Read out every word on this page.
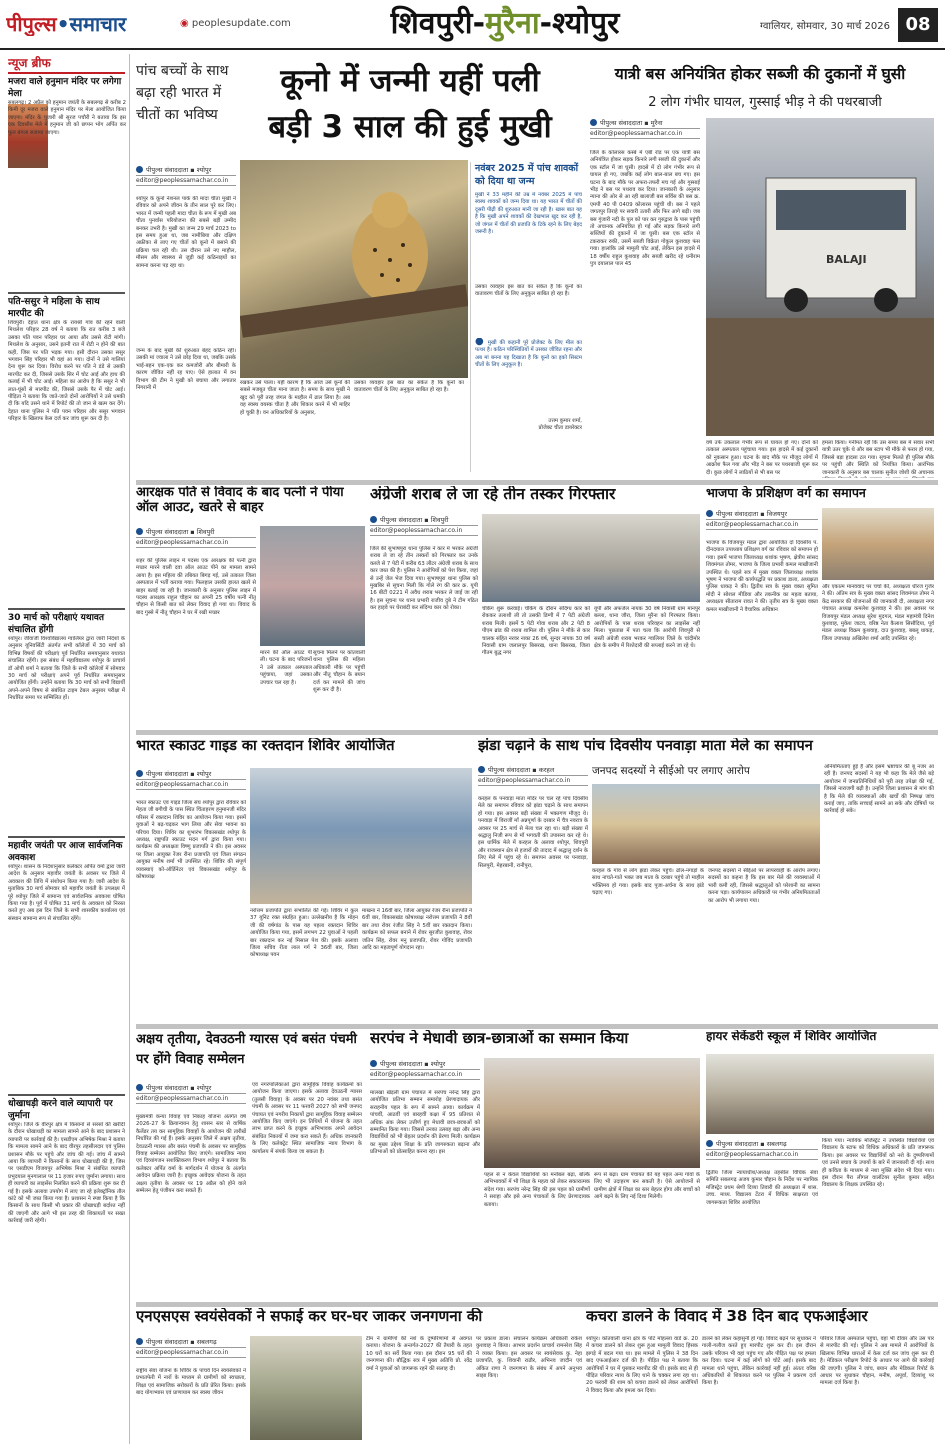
पीपुल्स•समाचार	◉ peoplesupdate.com	शिवपुरी-मुरैना-श्योपुर	ग्वालियर, सोमवार, 30 मार्च 2026 08
न्यूज ब्रीफ
मजरा वाले हनुमान मंदिर पर लगेगा मेला
सबलगढ़। 2 अप्रैल को हनुमान जयंती के सबलगढ़ से करीब 2 किमी दूर मजरा वाले हनुमान मंदिर पर मेला आयोजित किया जाएगा। मंदिर के पुजारी श्री सूरज पचौरी ने बताया कि इस एक दिवसीय मेले में हनुमान जी को छप्पन भोग अर्पित कर फूल बंगला सजाया जाएगा।
पति-ससुर ने महिला के साथ मारपीट की
शिवपुरी। देहात थाना क्षेत्र के रायश्री गांव की रहने वाली मिथलेश परिहार 28 वर्ष ने बताया कि रात करीब 3 बजे उसका पति पवन परिहार घर आया और उससे रोटी मांगी। मिथलेश के अनुसार, उसने इतनी रात में रोटी न होने की बात कही, जिस पर पति भड़क गया। इसी दौरान उसका ससुर भगवान सिंह परिहार भी वहां आ गया। दोनों ने उसे गालियां देना शुरू कर दिया। विरोध करने पर पति ने डंडे से उसकी मारपीट कर दी, जिससे उसके सिर में चोट आई और हाथ की कलाई में भी चोट आई। महिला का आरोप है कि ससुर ने भी लात-घूंसों से मारपीट की, जिससे उसके पैर में चोट आई। पीड़िता ने बताया कि जाते-जाते दोनों आरोपियों ने उसे धमकी दी कि यदि उसने थाने में रिपोर्ट की तो जान से खत्म कर देंगे। देहात थाना पुलिस ने पति पवन परिहार और ससुर भगवान परिहार के खिलाफ केस दर्ज कर जांच शुरू कर दी है।
30 मार्च को परीक्षाएं यथावत संचालित होंगी
श्योपुर। जीवाजी विश्वविद्यालय ग्वालियर द्वारा जारी निर्देशों के अनुसार यूनिवर्सिटी अंतर्गत सभी कॉलेजों में 30 मार्च को विभिन्न विषयों की परीक्षाएं पूर्व निर्धारित समयानुसार यथावत संचालित रहेंगी। इस संबंध में महाविद्यालय श्योपुर के प्राचार्य डॉ ओपी शर्मा ने बताया कि जिले के सभी कॉलेजों में सोमवार 30 मार्च को परीक्षाएं अपने पूर्व निर्धारित समयानुसार आयोजित होंगी। उन्होंने बताया कि 30 मार्च को सभी विद्यार्थी अपने-अपने विषय से संबंधित टाइम टेबल अनुसार परीक्षा में निर्धारित समय पर सम्मिलित हों।
महावीर जयंती पर आज सार्वजनिक अवकाश
श्योपुर। शासन के निर्देशानुसार कलेक्टर अर्पित वर्मा द्वारा जारी आदेश के अनुसार महावीर जयंती के अवसर पर जिले में अवकाश की तिथि में संशोधन किया गया है। जारी आदेश के मुताबिक 30 मार्च सोमवार को महावीर जयंती के उपलक्ष्य में पूरे श्योपुर जिले में सामान्य एवं सार्वजनिक अवकाश घोषित किया गया है। पूर्व में घोषित 31 मार्च के अवकाश को निरस्त करते हुए अब इस दिन जिले के सभी शासकीय कार्यालय एवं संस्थान सामान्य रूप से संचालित रहेंगे।
धोखाधड़ी करने वाले व्यापारी पर जुर्माना
श्योपुर। जिले के वीरपुर क्षेत्र में किसानों से सरसों की खरीदी के दौरान धोखाधड़ी का मामला सामने आने के बाद प्रशासन ने व्यापारी पर कार्रवाई की है। एसडीएम अभिषेक मिश्रा ने बताया कि मामला सामने आने के बाद वीरपुर तहसीलदार एवं पुलिस प्रशासन मौके पर पहुंचे और जांच की गई। जांच में सामने आया कि व्यापारी ने किसानों के साथ धोखाधड़ी की है, जिस पर एसडीएम विजयपुर अभिषेक मिश्रा ने संबंधित व्यापारी प्रभुदयाल मुनगालाल पर 11 हजार रुपए जुर्माना लगाया। साथ ही व्यापारी का लाइसेंस निलंबित करने की प्रक्रिया शुरू कर दी गई है। इसके अलावा उपयोग में लाए जा रहे इलेक्ट्रॉनिक तौल कांटे को भी जब्त किया गया है। प्रशासन ने स्पष्ट किया है कि किसानों के साथ किसी भी प्रकार की धोखाधड़ी बर्दाश्त नहीं की जाएगी और आगे भी इस तरह की शिकायतों पर सख्त कार्रवाई जारी रहेगी।
पांच बच्चों के साथ बढ़ा रही भारत में चीतों का भविष्य
कूनो में जन्मी यहीं पली
बड़ी 3 साल की हुई मुखी
पीपुल्स संवाददाता ▪ श्योपुर
editor@peoplessamachar.co.in
श्योपुर के कूनो नेशनल पार्क की मादा चीता मुखी ने रविवार को अपने जीवन के तीन साल पूरे कर लिए। भारत में जन्मी पहली मादा चीता के रूप में मुखी अब चीता पुनर्वास परियोजना की सबसे बड़ी उम्मीद बनकर उभरी है। मुखी का जन्म 29 मार्च 2023 to इस समय हुआ था, जब नामीबिया और दक्षिण अफ्रीका से लाए गए चीतों को कूनो में बसाने की प्रक्रिया चल रही थी। उस दौरान उसे नए माहौल, मौसम और स्वास्थ्य से जुड़ी कई कठिनाइयों का सामना करना पड़ रहा था।
जन्म के बाद मुखी की शुरुआत बेहद कठिन रही। उसकी मां ज्वाला ने उसे छोड़ दिया था, जबकि उसके भाई-बहन एक-एक कर कमजोरी और बीमारी के कारण जीवित नहीं रह पाए। ऐसे हालात में वन विभाग की टीम ने मुखी को बचाया और लगातार निगरानी में
रखकर उसे पाला। यही कारण है कि आज उसे कूनो की सबसे मजबूत चीता माना जाता है। समय के साथ मुखी ने खुद को पूरी तरह जंगल के माहौल में ढाल लिया है। अब वह स्वस्थ वयस्क चीता है और शिकार करने में भी माहिर हो चुकी है। वन अधिकारियों के अनुसार,
उसका व्यवहार इस बात का संकेत है कि कूनो का वातावरण चीतों के लिए अनुकूल साबित हो रहा है।
नवंबर 2025 में पांच शावकों को दिया था जन्म
मुखी ने 33 महीने की उम्र में नवंबर 2025 में पांच स्वस्थ शावकों को जन्म दिया था। यह भारत में चीतों की दूसरी पीढ़ी की शुरुआत मानी जा रही है। खास बात यह है कि मुखी अपने शावकों की देखभाल खुद कर रही है, जो जंगल में चीतों की प्रजाति के टिके रहने के लिए बेहद जरूरी है।
उसका व्यवहार इस बात का संकेत है कि कूनो का वातावरण चीतों के लिए अनुकूल साबित हो रहा है।
● मुखी की कहानी पूरे प्रोजेक्ट के लिए मील का पत्थर है। कठिन परिस्थितियों में उसका जीवित रहना और अब मां बनना यह दिखाता है कि कूनो का इको सिस्टम चीतों के लिए अनुकूल है।
उत्तम कुमार शर्मा,
प्रोजेक्ट चीता डायरेक्टर
यात्री बस अनियंत्रित होकर सब्जी की दुकानों में घुसी
2 लोग गंभीर घायल, गुस्साई भीड़ ने की पथरबाजी
पीपुल्स संवाददाता ▪ मुरैना
editor@peoplessamachar.co.in
जिले के कोलारस कस्बे में एबी रोड पर एक यात्री बस अनियंत्रित होकर सड़क किनारे लगी सब्जी की दुकानों और एक स्टॉल में जा घुसी। हादसे में दो लोग गंभीर रूप से घायल हो गए, जबकि कई लोग बाल-बाल बच गए। इस घटना के बाद मौके पर अफरा-तफरी मच गई और गुस्साई भीड़ ने बस पर पथराव कर दिया। जानकारी के अनुसार न्याना की ओर से आ रही बालाजी बस सर्विस की बस क्र. एमपी 40 पी 0409 कोलारस पहुंची थी। बस ने पहले जगतपुर तिराहे पर सवारी उतारी और फिर आगे बढ़ी। जब बस गुंजारी नदी के पुल को पार कर गुरुद्वारा के पास पहुंची तो अचानक अनियंत्रित हो गई और सड़क किनारे लगी सब्जियों की दुकानों में जा घुसी। बस एक स्टॉल से टकराकर रुकी, उसमें सब्जी विक्रेता गोकुल कुशवाह फंस गया। हालांकि उसे मामूली चोट आई, लेकिन इस हादसे में 18 वर्षीय राहुल कुशवाह और सब्जी खरीद रहे धनीराम पुत्र दयालाल पाल 45	BALAJI
वर्ष उर्फ उकलाल गंभीर रूप से घायल हो गए। दोनों को तत्काल अस्पताल पहुंचाया गया। इस हादसे में कई दुकानों को नुकसान हुआ। घटना के बाद मौके पर मौजूद लोगों में आक्रोश फैल गया और भीड़ ने बस पर पथरबाजी शुरू कर दी। कुछ लोगों ने लाठियों से भी बस पर
हमला किया। गनीमत रही कि उस समय बस में सवार सभी यात्री उतर चुके थे और बस स्टाप भी मौके से फरार हो गया, जिससे बड़ा हादसा टल गया। सूचना मिलते ही पुलिस मौके पर पहुंची और स्थिति को नियंत्रित किया। आरंभिक जानकारी के अनुसार बस चालक सुनील जोशी की अचानक
आरक्षक पति से विवाद के बाद पत्नी ने पीया ऑल आउट, खतरे से बाहर
पीपुल्स संवाददाता ▪ शिवपुरी
editor@peoplessamachar.co.in
शहर की पुलिस लाइन में पदस्थ एक आरक्षक की पत्नी द्वारा मच्छर मारने वाली दवा ऑल आउट पीने का मामला सामने आया है। इस महिला की तबियत बिगड़ गई, उसे तत्काल जिला अस्पताल में भर्ती कराया गया। फिलहाल उसकी हालत खतरे से बाहर बताई जा रही है। जानकारी के अनुसार पुलिस लाइन में पदस्थ आरक्षक राहुल चौहान का अपनी 25 वर्षीय पत्नी नीतू चौहान से किसी बात को लेकर विवाद हो गया था। विवाद के बाद गुस्से में नीतू चौहान ने घर में रखी मच्छर
मारने की ऑल आउट पी ली। घटना के बाद परिजनों ने उसे तत्काल अस्पताल पहुंचाया, जहां उसका उपचार चल रहा है।
सूचना मिलने पर कोतवाली थाना पुलिस की महिला अधिकारी मौके पर पहुंचीं और नीतू चौहान के बयान दर्ज कर मामले की जांच शुरू कर दी है।
अंग्रेजी शराब ले जा रहे तीन तस्कर गिरफ्तार
पीपुल्स संवाददाता ▪ शिवपुरी
editor@peoplessamachar.co.in
जिले की सुभाषपुरा थाना पुलिस ने कार में भरकर अंग्रेजी शराब ले जा रहे तीन तस्करों को गिरफ्तार कर उनके कब्जे से 7 पेटी में करीब 63 लीटर अंग्रेजी शराब के साथ कार जब्त की है। पुलिस ने आरोपियों को पेश किया, जहां से उन्हें जेल भेज दिया गया। सुभाषपुरा थाना पुलिस को मुखबिर से सूचना मिली कि गोले रंग की कार क्र. यूपी 16 बीटी 0221 में अवैध शराब भरकर ले जाई जा रही है। इस सूचना पर थाना प्रभारी राजीव दुबे ने टीम गठित कर हाइवे पर घेराबंदी कर संदिग्ध कार को रोका।	चेकिंग शुरू करवाई। चेकिंग के दौरान संदिग्ध कार को रोककर तलाशी ली तो उसकी डिग्गी में 7 पेटी अंग्रेजी शराब मिली। इसमें 5 पेटी गोवा शराब और 2 पेटी 8 पीएम ब्रांड की शराब शामिल थी। पुलिस ने मौके से कार चालक संहित नरवर नाका 26 वर्ष, सुन्दर नायक 30 वर्ष निवासी ग्राम जलालपुर बिसरख, थाना बिसरख, जिला गौतम बुद्ध नगर
यूपी और अफजेल नायक 30 वर्ष निवासी ग्राम मानपुर बल्ला, थाना जौरा, जिला मुरैना को गिरफ्तार किया। आरोपियों के पास शराब परिवहन का लाइसेंस नहीं मिला। पूछताछ में पता चला कि आरोपी शिवपुरी से सस्ती अंग्रेजी शराब भरकर ग्वालियर जिले के चांदीमोर क्षेत्र के समीप में रिश्तेदारी की सप्लाई करने जा रहे थे।
भाजपा के प्रशिक्षण वर्ग का समापन
पीपुल्स संवाददाता ▪ विजयपुर
editor@peoplessamachar.co.in
भाजपा के विजयपुर मंडल द्वारा आयोजित दो दिवसीय पं. दीनदयाल उपाध्याय प्रशिक्षण वर्ग का रविवार को समापन हो गया। इसमें भाजपा जिलाध्यक्ष शशांक भूषण, क्षेत्रीय सांसद शिवमंगल तोमर, भाजपा के जिला प्रभारी कमल माखीजानी उपस्थित थे। पहले सत्र में मुख्य वक्ता जिलाध्यक्ष शशांक भूषण ने भाजपा की कार्यपद्धति पर प्रकाश डाला, अध्यक्षता पुलिस धाकड़ ने की। द्वितीय सत्र के मुख्य वक्ता सुमित मोदी ने सोशल मीडिया और तकनीक का महत्व बताया, अध्यक्षता सीताराम रावत ने की। तृतीय सत्र के मुख्य वक्ता कमल माखीजानी ने वैचारिक अधिष्ठान
और एकात्म मानववाद पर चर्चा की, अध्यक्षता धीरज गुर्जर ने की। अंतिम सत्र के मुख्य वक्ता सांसद शिवमंगल तोमर ने केंद्र सरकार की योजनाओं की जानकारी दी, अध्यक्षता नगर पंचायत अध्यक्ष कमलेश कुशवाह ने की। इस अवसर पर विजयपुर मंडल अध्यक्ष सुरेश मुदगल, मंडल महामंत्री दिनेश कुशवाह, मुकेश जाटव, वरिष्ठ नेता कैलाश सिसौदिया, पूर्व मंडल अध्यक्ष विक्रम कुशवाह, दाउ कुशवाह, बबलू धाकड़, जिला उपाध्यक्ष अखिलेश शर्मा आदि उपस्थित रहे।
भारत स्काउट गाइड का रक्तदान शिविर आयोजित
पीपुल्स संवाददाता ▪ श्योपुर
editor@peoplessamachar.co.in
भारत स्काउट एवं गाइड जिला संघ श्योपुर द्वारा रविवार को मेहता जी बगीची के पास स्थित चिंताहरण हनुमानजी मंदिर परिसर में रक्तदान शिविर का आयोजन किया गया। इसमें युवाओं ने बढ़-चढ़कर भाग लिया और सेवा भावना का परिचय दिया। शिविर का शुभारंभ विकासखंड श्योपुर के अध्यक्ष, राष्ट्रपति स्काउट मदन गर्ग द्वारा किया गया। कार्यक्रम की अध्यक्षता विष्णु प्रजापति ने की। इस अवसर पर जिला आयुक्त रेंजर रीना प्रजापति एवं जिला संगठन आयुक्त मनीष शर्मा भी उपस्थित रहे। शिविर की संपूर्ण व्यवस्थाएं को-ऑर्डिनेटर एवं विकासखंड श्योपुर के कोषाध्यक्ष
नरोत्तम प्रजापति द्वारा संभालित की गईं। शिविर में कुल 37 यूनिट रक्त संग्रहित हुआ। उल्लेखनीय है कि मोहन जी की वर्षगांठ के पास यह पहला रक्तदान शिविर आयोजित किया गया, इसमें लगभग 22 युवाओं ने पहली बार रक्तदान कर नई मिसाल पेश की। इसके अलावा जिला सचिव रीता लाल गर्ग ने 36वीं बार, जिला कोषाध्यक्ष पवन
माखना ने 16वीं बार, जिला आयुक्त रेंजर रीना प्रजापति ने 6वीं बार, विकासखंड कोषाध्यक्ष नरोत्तम प्रजापति ने 8वीं बार तथा रोवर रंजीत सिंह ने 5वीं बार रक्तदान किया। कार्यक्रम को सफल बनाने में रोवर सुरजीत कुशवाह, रोवर जतिन सिंह, रोवर मनु प्रजापति, रोवर गोविंद प्रजापति आदि का महत्वपूर्ण योगदान रहा।
झंडा चढ़ाने के साथ पांच दिवसीय पनवाड़ा माता मेले का समापन
पीपुल्स संवाददाता ▪ करहल
editor@peoplessamachar.co.in
करहल के पनवाड़ा माता मंदिर पर चल रहे पांच दिवसीय मेले का समापन रविवार को झंडा चढ़ाने के साथ समापन हो गया। इस अवसर बड़ी संख्या में भक्तगण मौजूद थे। पनवाड़ा में विराजीं माँ अन्नपूर्णा के दरबार में चैत्र नवरात्र के अवसर पर 25 मार्च से मेला चल रहा था। बड़ी संख्या में श्रद्धालु निजी रूप से माँ भगवती की उपासना कर रहे थे। इस धार्मिक मेले में करहल के अलावा श्योपुर, शिवपुरी और राजस्थान क्षेत्र से हजारों की तादाद में श्रद्धालु दर्शन के लिए मेले में पहुंच रहे थे। समापन अवसर पर पनवाड़ा, सिलपुरी, मेहरबानी, रानीपुरा,
जनपद सदस्यों ने सीईओ पर लगाए आरोप
करहल के गांव से लोग झंडा लेकर पहुंचे। ढोल-नगाड़ों के साथ नाचते-गाते भक्त जब माता के दरबार पहुंचे तो माहौल भक्तिमय हो गया। इसके बाद पूजा-अर्चना के साथ झंडे चढ़ाए गए।
जनपद सदस्यों ने सीईओ पर लापरवाही के आरोप लगाए। सदस्यों का कहना है कि इस बार मेले की व्यवस्थाओं में भारी कमी रही, जिससे श्रद्धालुओं को परेशानी का सामना करना पड़ा। कार्यपालन अधिकारी पर गंभीर अनियमितताओं का आरोप भी लगाया गया।
अनियमितताएं हुई हैं और इसमें भ्रष्टाचार की बू नजर आ रही है। जनपद सदस्यों ने यह भी कहा कि मेले जैसे बड़े आयोजन में जनप्रतिनिधियों को पूरी तरह उपेक्षा की गई, जिससे नाराजगी बढ़ी है। उन्होंने जिला प्रशासन से मांग की है कि मेले की व्यवस्थाओं और खर्चों की निष्पक्ष जांच कराई जाए, ताकि सच्चाई सामने आ सके और दोषियों पर कार्रवाई हो सके।
अक्षय तृतीया, देवउठनी ग्यारस एवं बसंत पंचमी पर होंगे विवाह सम्मेलन
पीपुल्स संवाददाता ▪ श्योपुर
editor@peoplessamachar.co.in
मुख्यमंत्री कन्या विवाह एवं निकाह योजना अंतर्गत वर्ष 2026-27 के क्रियान्वयन हेतु शासन स्तर से वार्षिक कैलेंडर तय कर सामूहिक विवाहों के आयोजन की तारीखें निर्धारित की गई हैं। इसके अनुसार जिले में अक्षय तृतीया, देवउठनी ग्यारस और बसंत पंचमी के अवसर पर सामूहिक विवाह सम्मेलन आयोजित किए जाएंगे। सामाजिक न्याय एवं दिव्यांगजन सशक्तिकरण विभाग श्योपुर ने बताया कि कलेक्टर अर्पित वर्मा के मार्गदर्शन में योजना के अंतर्गत आवेदन प्रक्रिया जारी है। इच्छुक आवेदक योजना के तहत अक्षय तृतीया के अवसर पर 19 अप्रैल को होने वाले सम्मेलन हेतु पंजीयन करा सकते हैं।
एवं नगरपालिकाओं द्वारा सामूहिक विवाह कार्यक्रमों का आयोजन किया जाएगा। इसके अलावा देवउठनी ग्यारस (तुलसी विवाह) के अवसर पर 20 नवंबर तथा बसंत पंचमी के अवसर पर 11 फरवरी 2027 को सभी जनपद पंचायत एवं नगरीय निकायों द्वारा सामूहिक विवाह सम्मेलन आयोजित किए जाएंगे। इन तिथियों में योजना के तहत लाभ प्राप्त करने के इच्छुक अभिभावक अपने आवेदन संबंधित निकायों में जमा करा सकते हैं। अधिक जानकारी के लिए कलेक्ट्रेट स्थित सामाजिक न्याय विभाग के कार्यालय में संपर्क किया जा सकता है।
सरपंच ने मेधावी छात्र-छात्राओं का सम्मान किया
पीपुल्स संवाददाता ▪ श्योपुर
editor@peoplessamachar.co.in
मालखा खेड़ली ग्राम पंचायत में सरपंच नरेन्द्र सिंह द्वारा आयोजित प्रतिभा सम्मान समारोह प्रेरणादायक और सराहनीय पहल के रूप में सामने आया। कार्यक्रम में पांचवीं, आठवीं एवं बारहवीं कक्षा में 95 प्रतिशत से अधिक अंक लेकर उत्तीर्ण हुए मेधावी छात्र-छात्राओं को सम्मानित किया गया। जिससे उनका उत्साह बढ़ा और अन्य विद्यार्थियों को भी बेहतर प्रदर्शन की प्रेरणा मिली। कार्यक्रम का मुख्य उद्देश्य शिक्षा के प्रति जागरुकता बढ़ाना और प्रतिभाओं को प्रोत्साहित करना रहा। इस
पहल से न केवल विद्यार्थियों का मनोबल बढ़ा, बल्कि अभिभावकों में भी शिक्षा के महत्व को लेकर सकारात्मक संदेश गया। सरपंच नरेन्द्र सिंह की इस पहल को ग्रामीणों ने सराहा और इसे अन्य पंचायतों के लिए प्रेरणादायक बताया।
रूप से बढ़ा। ग्राम पंचायत की यह पहल अन्य गांवों के लिए भी उदाहरण बन सकती है। ऐसे आयोजनों से ग्रामीण क्षेत्रों में शिक्षा का स्तर बेहतर होगा और बच्चों को आगे बढ़ने के लिए नई दिशा मिलेगी।
हायर सेकेंडरी स्कूल में शिविर आयोजित
पीपुल्स संवाददाता ▪ सबलगढ़
editor@peoplessamachar.co.in
द्वितीय जिला न्यायाधीश/अध्यक्ष तहसील विधिक सेवा समिति सबलगढ़ अजय कुमार चौहान के निर्देश पर न्यायिक मजिस्ट्रेट प्रथम श्रेणी दिव्या तिवारी की अध्यक्षता में शास. उच्च. माध्य. विद्यालय टेंटरा में विधिक साक्षरता एवं जागरूकता शिविर आयोजित
किया गया। न्यायिक मजिस्ट्रेट ने उपस्थित विद्यार्थियों एवं विद्यालय के स्टाफ को विधिक अधिकारों के प्रति जागरूक किया। इस अवसर पर विद्यार्थियों को नशे के दुष्परिणामों एवं उनसे बचाव के उपायों के बारे में जानकारी दी गई। साथ ही कविता के माध्यम से नशा मुक्ति संदेश भी दिया गया। इस दौरान पैरा लीगल वालंटियर सुनील कुमार सहित विद्यालय के शिक्षक उपस्थित रहे।
एनएसएस स्वयंसेवकों ने सफाई कर घर-घर जाकर जनगणना की
पीपुल्स संवाददाता ▪ सबलगढ़
editor@peoplessamachar.co.in
राष्ट्रीय सेवा योजना के शिविर के पांचवें दिन स्वयंसेवकों ने प्रभातफेरी में नारों के माध्यम से ग्रामीणों को स्वच्छता, शिक्षा एवं सामाजिक सरोकारों के प्रति प्रेरित किया। इसके बाद योगाभ्यास एवं प्राणायाम कर स्वस्थ जीवन
टीम ने ग्रामीणों की नशे के दुष्परिणामों से अवगत कराया। योजना के अन्तर्गत-2027 की तैयारी के तहत 10 घरों का सर्वे किया गया। इस दौरान 95 घरों की जनगणना की। बौद्धिक सत्र में मुख्य अतिथि प्रो. रवेंद्र वर्मा ने युवाओं को जागरूक रहने की सलाह दी।
पर प्रकाश डाला। संचालन कार्यक्रम अधिकारी राकेश कुशवाह ने किया। आभार प्रदर्शन प्राचार्य रामनरेश सिंह ने व्यक्त किया। इस अवसर पर स्वयंसेवक कु. नेहा प्रजापति, कु. शिवानी राठौर, अभिनव जादौन एवं अंकित राणा ने जनगणना के संबंध में अपने अनुभव साझा किए।
कचरा डालने के विवाद में 38 दिन बाद एफआईआर
श्योपुर। कोतवाली थाना क्षेत्र के पोर्ट मोहल्ला वार्ड क्र. 20 में कचरा डालने को लेकर शुरू हुआ मामूली विवाद हिंसक झगड़े में बदल गया था। इस मामले में पुलिस ने 38 दिन बाद एफआईआर दर्ज की है। पीड़ित पक्ष ने बताया कि आरोपियों ने घर में घुसकर मारपीट की थी। इसके बाद से ही पीड़ित परिवार न्याय के लिए थाने के चक्कर लगा रहा था। 20 फरवरी की शाम को कचरा डालने को लेकर आरोपियों ने विवाद किया और हमला कर दिया।
डालने को लेकर कहासुनी हो गई। विवाद बढ़ने पर सुधाकर ने गाली-गलौज करते हुए मारपीट शुरू कर दी। इस दौरान उसके परिजन भी वहां पहुंच गए और पीड़ित पक्ष पर हमला कर दिया। घटना में कई लोगों को चोटें आईं। इसके बाद मामला थाने पहुंचा, लेकिन कार्रवाई नहीं हुई। अंततः वरिष्ठ अधिकारियों से शिकायत करने पर पुलिस ने प्रकरण दर्ज किया है।
परिवार जिला अस्पताल पहुंचा, वहां भी दीवार और उस पार से मारपीट की गई। पुलिस ने अब मामले में आरोपियों के खिलाफ विभिन्न धाराओं में केस दर्ज कर जांच शुरू कर दी है। मेडिकल परीक्षण रिपोर्ट के आधार पर आगे की कार्रवाई की जाएगी। पुलिस ने जांच, बयान और मेडिकल रिपोर्ट के आधार पर सुधाकर चौहान, मनीष, अपूर्वा, दिव्यांशु पर मामला दर्ज किया है।
